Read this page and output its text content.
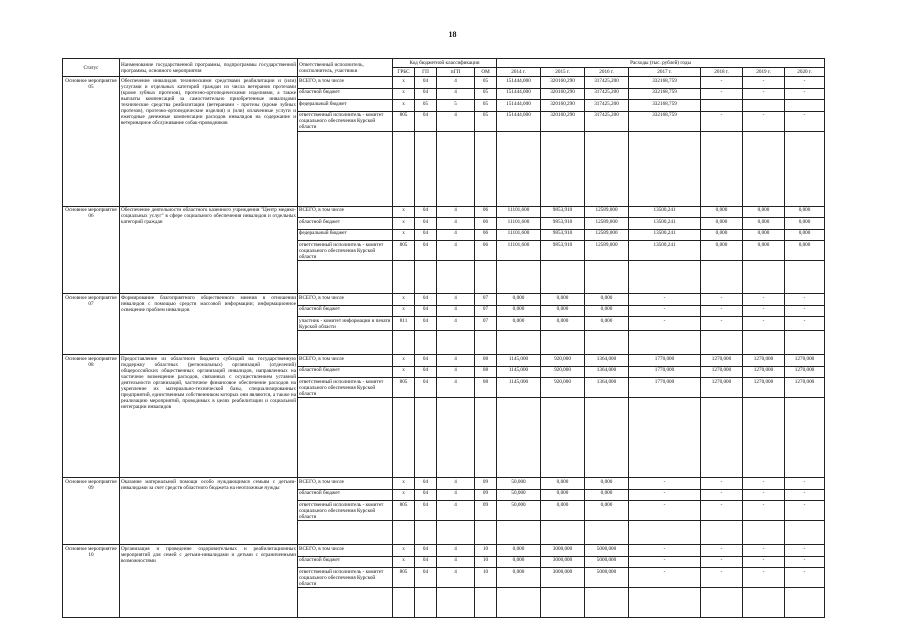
18
Статус	Наименование государственной программы, подпрограммы государственной программы, основного мероприятия	Ответственный исполнитель, соисполнитель, участники	Код бюджетной классификации				Расходы (тыс. рублей) годы						
			ГРБС	ГП	пГП	ОМ	2014 г.	2015 г.	2016 г.	2017 г.	2018 г.	2019 г.	2020 г.
Основное мероприятие 05	Обеспечение инвалидов техническими средствами реабилитации и (или) услугами и отдельных категорий граждан из числа ветеранов протезами (кроме зубных протезов), протезно-ортопедическими изделиями, а также выплаты компенсаций за самостоятельно приобретенные инвалидами технические средства реабилитации (ветеранами - протезы (кроме зубных протезов), протезно-ортопедические изделия) и (или) оплаченные услуги и ежегодные денежные компенсации расходов инвалидов на содержание и ветеринарное обслуживание собак-проводников	ВСЕГО, в том числе	х	04	4	05	151444,000	320160,290	317425,200	332168,759	-	-	-
		областной бюджет	х	04	4	05	151444,000	320160,290	317425,200	332168,759	-	-	-
		федеральный бюджет	х	05	5	05	151444,000	320160,290	317425,200	332168,759			
		ответственный исполнитель - комитет социального обеспечения Курской области	805	04	4	05	151444,000	320160,290	317425,200	332168,759	-	-	-

Основное мероприятие 06	Обеспечение деятельности областного казенного учреждения "Центр медико-социальных услуг" в сфере социального обеспечения инвалидов и отдельных категорий граждан	ВСЕГО, в том числе	х	04	4	06	11101,600	9853,910	12589,000	13500,241	0,000	0,000	0,000
		областной бюджет	х	04	4	06	11101,600	9853,910	12589,000	13500,241	0,000	0,000	0,000
		федеральный бюджет	х	04	4	06	11101,600	9853,910	12589,000	13500,241	0,000	0,000	0,000
		ответственный исполнитель - комитет социального обеспечения Курской области	805	04	4	06	11101,600	9853,910	12589,000	13500,241	0,000	0,000	0,000

Основное мероприятие 07	Формирование благоприятного общественного мнения в отношении инвалидов с помощью средств массовой информации; информационное освещение проблем инвалидов	ВСЕГО, в том числе	х	04	4	07	0,000	0,000	0,000	-	-	-	-
		областной бюджет	х	04	4	07	0,000	0,000	0,000	-	-	-	-
		участник - комитет информации и печати Курской области	811	04	4	07	0,000	0,000	0,000	-	-	-	-

Основное мероприятие 08	Предоставление из областного бюджета субсидий на государственную поддержку областных (региональных) организаций (отделений) общероссийских общественных организаций инвалидов, направленных на частичное возмещение расходов, связанных с осуществлением уставной деятельности организаций, частичное финансовое обеспечение расходов на укрепление их материально-технической базы, специализированных предприятий, единственным собственником которых они являются, а также на реализацию мероприятий, проводимых в целях реабилитации и социальной интеграции инвалидов	ВСЕГО, в том числе	х	04	4	08	1145,000	920,000	1364,000	1770,000	1270,000	1270,000	1270,000
		областной бюджет	х	04	4	08	1145,000	920,000	1364,000	1770,000	1270,000	1270,000	1270,000
		ответственный исполнитель - комитет социального обеспечения Курской области	805	04	4	08	1145,000	920,000	1364,000	1770,000	1270,000	1270,000	1270,000

Основное мероприятие 09	Оказание материальной помощи особо нуждающимся семьям с детьми-инвалидами за счет средств областного бюджета на неотложные нужды	ВСЕГО, в том числе	х	04	4	09	50,000	0,000	0,000	-	-	-	-
		областной бюджет	х	04	4	09	50,000	0,000	0,000	-	-	-	-
		ответственный исполнитель - комитет социального обеспечения Курской области	805	04	4	09	50,000	0,000	0,000	-	-	-	-

Основное мероприятие 10	Организация и проведение оздоровительных и реабилитационных мероприятий для семей с детьми-инвалидами и детьми с ограниченными возможностями	ВСЕГО, в том числе	х	04	4	10	0,000	3000,000	5000,000	-	-	-	-
		областной бюджет	х	04	4	10	0,000	3000,000	5000,000	-	-	-	-
		ответственный исполнитель - комитет социального обеспечения Курской области	805	04	4	10	0,000	3000,000	5000,000	-	-	-	-
